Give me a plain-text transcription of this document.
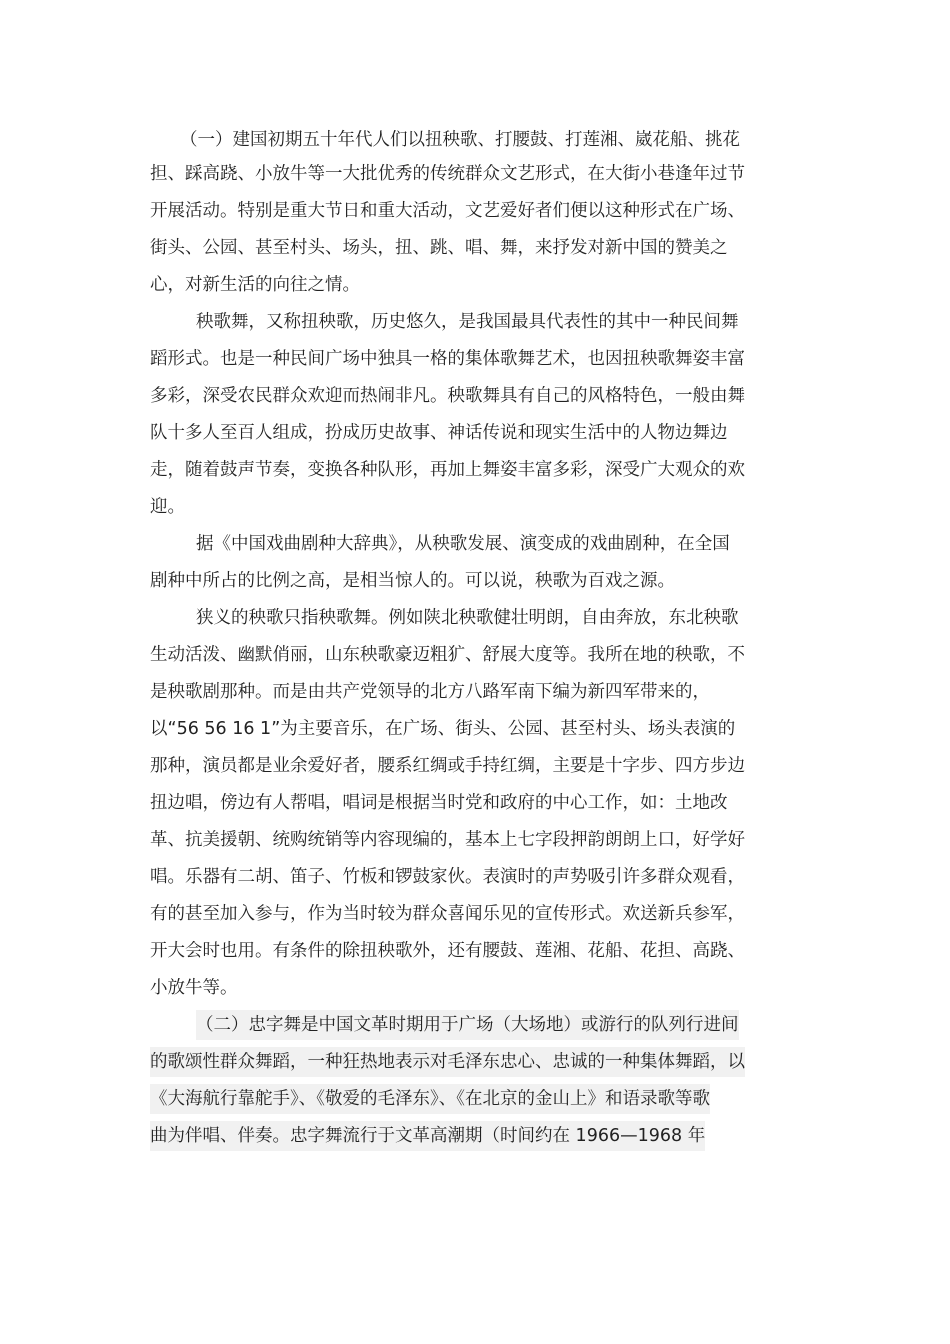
（一）建国初期五十年代人们以扭秧歌、打腰鼓、打莲湘、崴花船、挑花
担、踩高跷、小放牛等一大批优秀的传统群众文艺形式，在大街小巷逢年过节
开展活动。特别是重大节日和重大活动，文艺爱好者们便以这种形式在广场、
街头、公园、甚至村头、场头，扭、跳、唱、舞，来抒发对新中国的赞美之
心，对新生活的向往之情。
秧歌舞，又称扭秧歌，历史悠久，是我国最具代表性的其中一种民间舞
蹈形式。也是一种民间广场中独具一格的集体歌舞艺术，也因扭秧歌舞姿丰富
多彩，深受农民群众欢迎而热闹非凡。秧歌舞具有自己的风格特色，一般由舞
队十多人至百人组成，扮成历史故事、神话传说和现实生活中的人物边舞边
走，随着鼓声节奏，变换各种队形，再加上舞姿丰富多彩，深受广大观众的欢
迎。
据《中国戏曲剧种大辞典》，从秧歌发展、演变成的戏曲剧种，在全国
剧种中所占的比例之高，是相当惊人的。可以说，秧歌为百戏之源。
狭义的秧歌只指秧歌舞。例如陕北秧歌健壮明朗，自由奔放，东北秧歌
生动活泼、幽默俏丽，山东秧歌豪迈粗犷、舒展大度等。我所在地的秧歌，不
是秧歌剧那种。而是由共产党领导的北方八路军南下编为新四军带来的，
以“56 56 16 1”为主要音乐，在广场、街头、公园、甚至村头、场头表演的
那种，演员都是业余爱好者，腰系红绸或手持红绸，主要是十字步、四方步边
扭边唱，傍边有人帮唱，唱词是根据当时党和政府的中心工作，如：土地改
革、抗美援朝、统购统销等内容现编的，基本上七字段押韵朗朗上口，好学好
唱。乐器有二胡、笛子、竹板和锣鼓家伙。表演时的声势吸引许多群众观看，
有的甚至加入参与，作为当时较为群众喜闻乐见的宣传形式。欢送新兵参军，
开大会时也用。有条件的除扭秧歌外，还有腰鼓、莲湘、花船、花担、高跷、
小放牛等。
（二）忠字舞是中国文革时期用于广场（大场地）或游行的队列行进间
的歌颂性群众舞蹈，一种狂热地表示对毛泽东忠心、忠诚的一种集体舞蹈，以
《大海航行靠舵手》、《敬爱的毛泽东》、《在北京的金山上》和语录歌等歌
曲为伴唱、伴奏。忠字舞流行于文革高潮期（时间约在 1966—1968 年
